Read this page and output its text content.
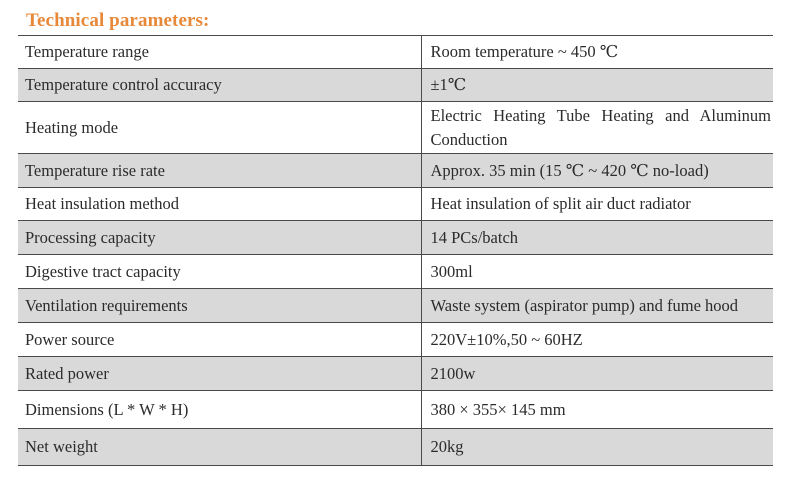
Technical parameters:
Temperature range	Room temperature ~ 450 ℃
Temperature control accuracy	±1℃
Heating mode	Electric Heating Tube Heating and Aluminum Conduction
Temperature rise rate	Approx. 35 min (15 ℃ ~ 420 ℃ no-load)
Heat insulation method	Heat insulation of split air duct radiator
Processing capacity	14 PCs/batch
Digestive tract capacity	300ml
Ventilation requirements	Waste system (aspirator pump) and fume hood
Power source	220V±10%,50 ~ 60HZ
Rated power	2100w
Dimensions (L * W * H)	380 × 355× 145 mm
Net weight	20kg
